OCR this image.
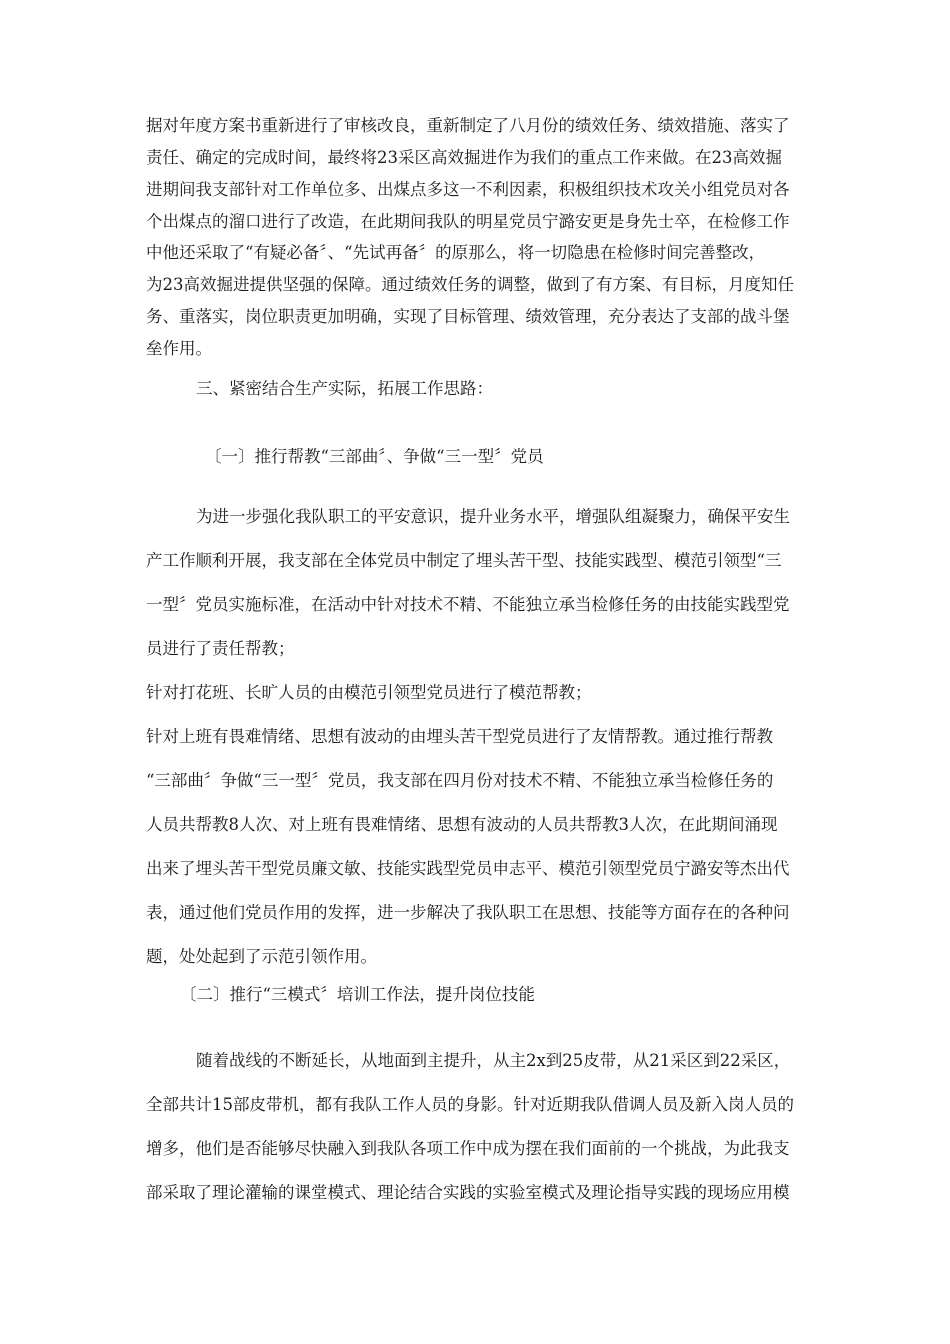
据对年度方案书重新进行了审核改良，重新制定了八月份的绩效任务、绩效措施、落实了
责任、确定的完成时间，最终将23采区高效掘进作为我们的重点工作来做。在23高效掘
进期间我支部针对工作单位多、出煤点多这一不利因素，积极组织技术攻关小组党员对各
个出煤点的溜口进行了改造，在此期间我队的明星党员宁潞安更是身先士卒，在检修工作
中他还采取了“有疑必备〞、“先试再备〞的原那么，将一切隐患在检修时间完善整改，
为23高效掘进提供坚强的保障。通过绩效任务的调整，做到了有方案、有目标，月度知任
务、重落实，岗位职责更加明确，实现了目标管理、绩效管理，充分表达了支部的战斗堡
垒作用。
三、紧密结合生产实际，拓展工作思路：
〔一〕推行帮教“三部曲〞、争做“三一型〞党员
为进一步强化我队职工的平安意识，提升业务水平，增强队组凝聚力，确保平安生
产工作顺利开展，我支部在全体党员中制定了埋头苦干型、技能实践型、模范引领型“三
一型〞党员实施标准，在活动中针对技术不精、不能独立承当检修任务的由技能实践型党
员进行了责任帮教；
针对打花班、长旷人员的由模范引领型党员进行了模范帮教；
针对上班有畏难情绪、思想有波动的由埋头苦干型党员进行了友情帮教。通过推行帮教
“三部曲〞争做“三一型〞党员，我支部在四月份对技术不精、不能独立承当检修任务的
人员共帮教8人次、对上班有畏难情绪、思想有波动的人员共帮教3人次，在此期间涌现
出来了埋头苦干型党员廉文敏、技能实践型党员申志平、模范引领型党员宁潞安等杰出代
表，通过他们党员作用的发挥，进一步解决了我队职工在思想、技能等方面存在的各种问
题，处处起到了示范引领作用。
〔二〕推行“三模式〞培训工作法，提升岗位技能
随着战线的不断延长，从地面到主提升，从主2x到25皮带，从21采区到22采区，
全部共计15部皮带机，都有我队工作人员的身影。针对近期我队借调人员及新入岗人员的
增多，他们是否能够尽快融入到我队各项工作中成为摆在我们面前的一个挑战，为此我支
部采取了理论灌输的课堂模式、理论结合实践的实验室模式及理论指导实践的现场应用模
